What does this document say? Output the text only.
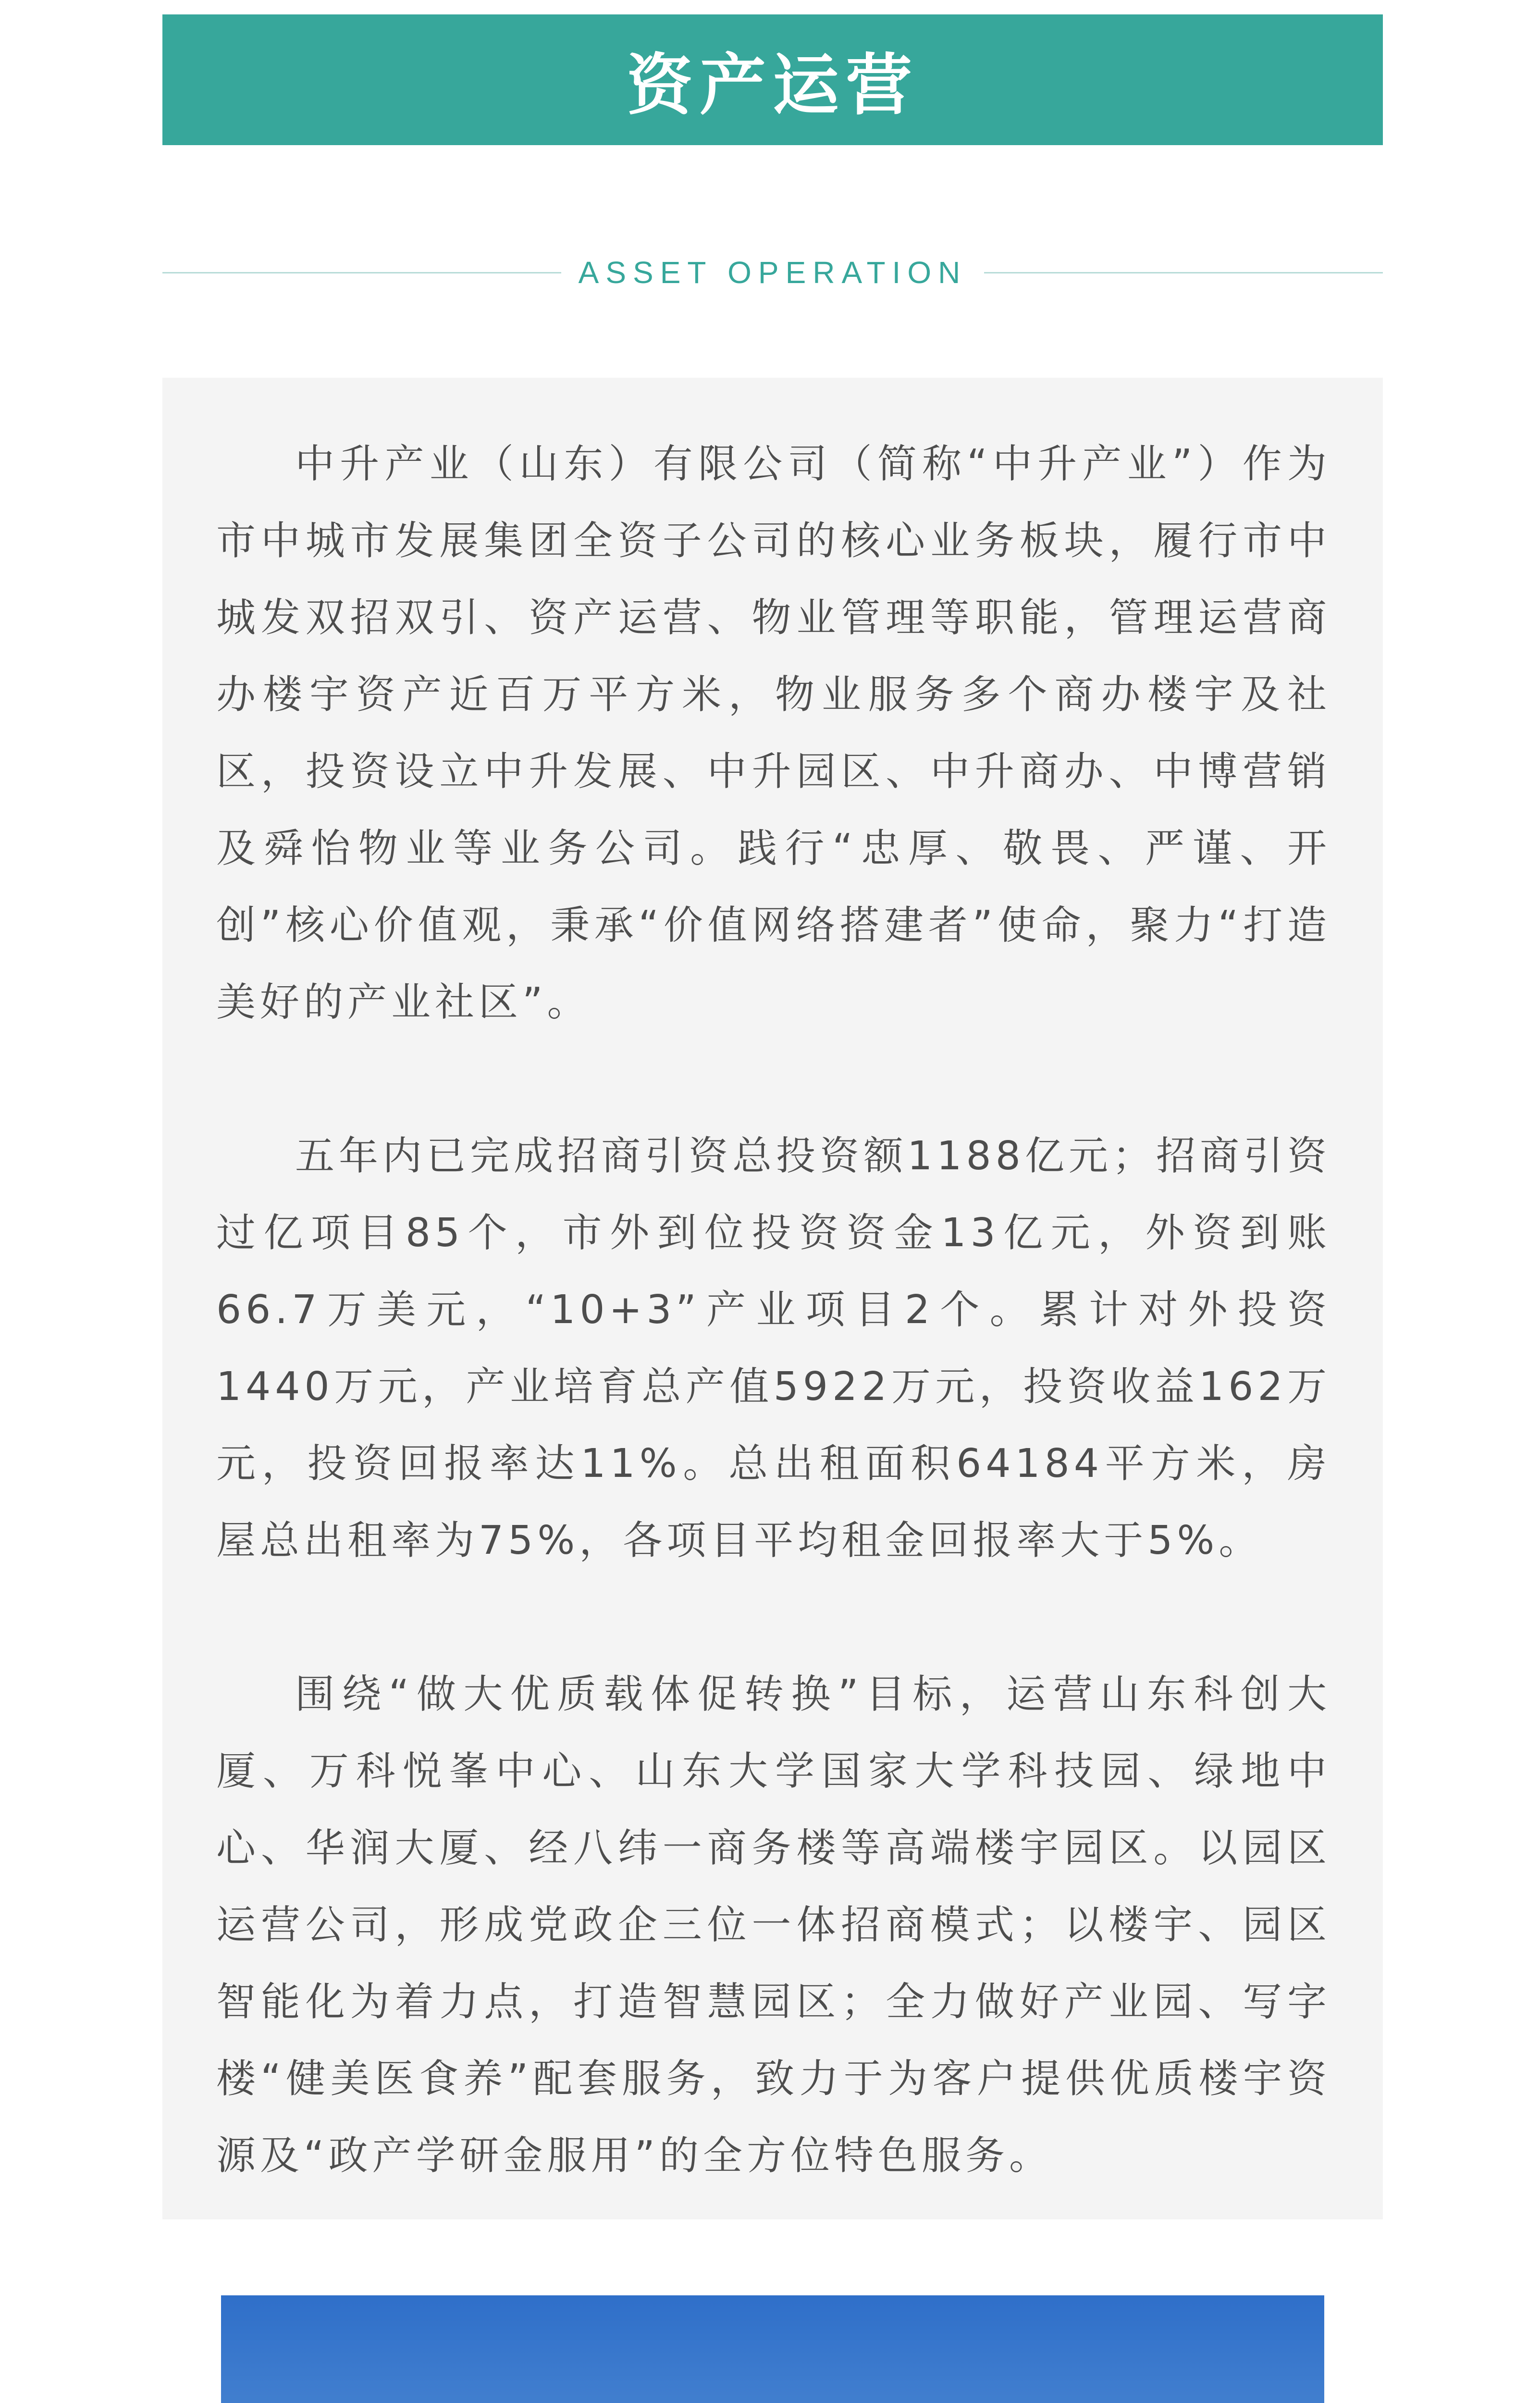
资产运营
ASSET OPERATION

中升产业（山东）有限公司（简称“中升产业”）作为市中城市发展集团全资子公司的核心业务板块，履行市中城发双招双引、资产运营、物业管理等职能，管理运营商办楼宇资产近百万平方米，物业服务多个商办楼宇及社区，投资设立中升发展、中升园区、中升商办、中博营销及舜怡物业等业务公司。践行“忠厚、敬畏、严谨、开创”核心价值观，秉承“价值网络搭建者”使命，聚力“打造美好的产业社区”。

五年内已完成招商引资总投资额1188亿元；招商引资过亿项目85个，市外到位投资资金13亿元，外资到账66.7万美元，“10+3”产业项目2个。累计对外投资1440万元，产业培育总产值5922万元，投资收益162万元，投资回报率达11%。总出租面积64184平方米，房屋总出租率为75%，各项目平均租金回报率大于5%。

围绕“做大优质载体促转换”目标，运营山东科创大厦、万科悦峯中心、山东大学国家大学科技园、绿地中心、华润大厦、经八纬一商务楼等高端楼宇园区。以园区运营公司，形成党政企三位一体招商模式；以楼宇、园区智能化为着力点，打造智慧园区；全力做好产业园、写字楼“健美医食养”配套服务，致力于为客户提供优质楼宇资源及“政产学研金服用”的全方位特色服务。
